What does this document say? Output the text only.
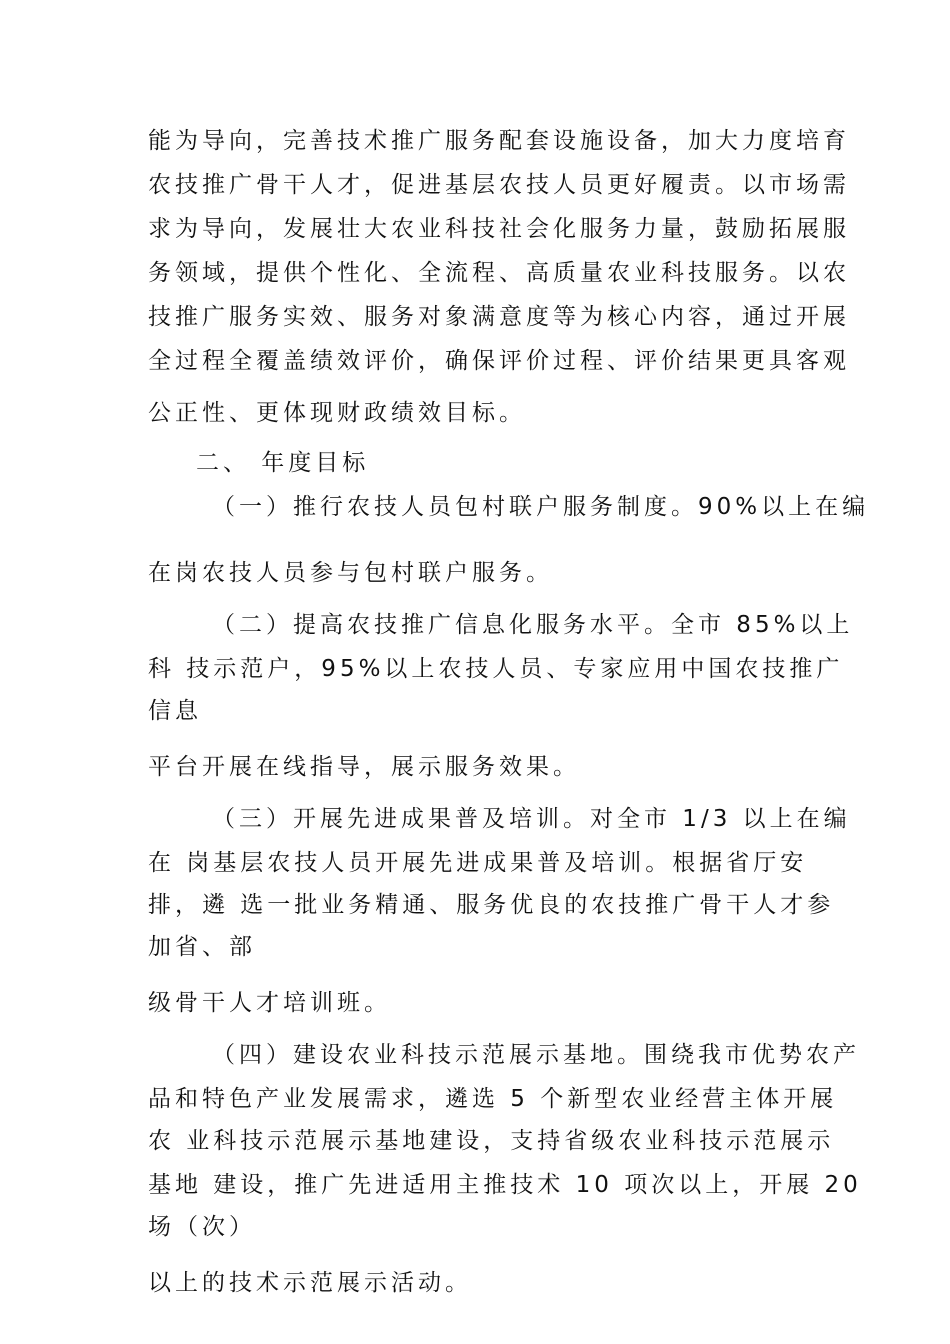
能为导向，完善技术推广服务配套设施设备，加大力度培育
农技推广骨干人才，促进基层农技人员更好履责。以市场需
求为导向，发展壮大农业科技社会化服务力量，鼓励拓展服
务领域，提供个性化、全流程、高质量农业科技服务。以农
技推广服务实效、服务对象满意度等为核心内容，通过开展
全过程全覆盖绩效评价，确保评价过程、评价结果更具客观
公正性、更体现财政绩效目标。
二、 年度目标
（一）推行农技人员包村联户服务制度。90%以上在编
在岗农技人员参与包村联户服务。
（二）提高农技推广信息化服务水平。全市 85%以上
科 技示范户，95%以上农技人员、专家应用中国农技推广
信息
平台开展在线指导，展示服务效果。
（三）开展先进成果普及培训。对全市 1/3 以上在编
在 岗基层农技人员开展先进成果普及培训。根据省厅安
排，遴 选一批业务精通、服务优良的农技推广骨干人才参
加省、部
级骨干人才培训班。
（四）建设农业科技示范展示基地。围绕我市优势农产
品和特色产业发展需求，遴选 5 个新型农业经营主体开展
农 业科技示范展示基地建设，支持省级农业科技示范展示
基地 建设，推广先进适用主推技术 10 项次以上，开展 20
场（次）
以上的技术示范展示活动。
